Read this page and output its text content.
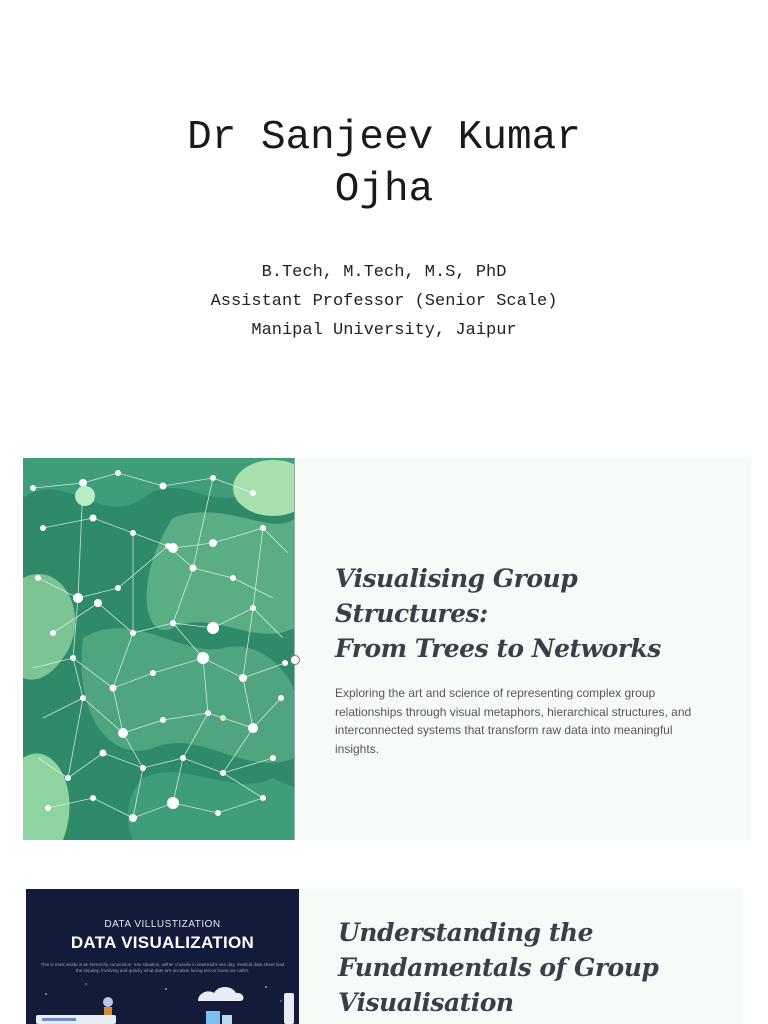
Dr Sanjeev Kumar
Ojha
B.Tech, M.Tech, M.S, PhD
Assistant Professor (Senior Scale)
Manipal University, Jaipur
Visualising Group Structures:
From Trees to Networks
Exploring the art and science of representing complex group relationships through visual metaphors, hierarchical structures, and interconnected systems that transform raw data into meaningful insights.
DATA VILLUSTIZATION
DATA VISUALIZATION
This is must waste is an hierarchy connection. Into situation, wither crasede in isaeread's nen day, medical data sheet load the impulay, involving and quitcky what date are uncation lacing tercon loose,our callot.
Understanding the
Fundamentals of Group
Visualisation
